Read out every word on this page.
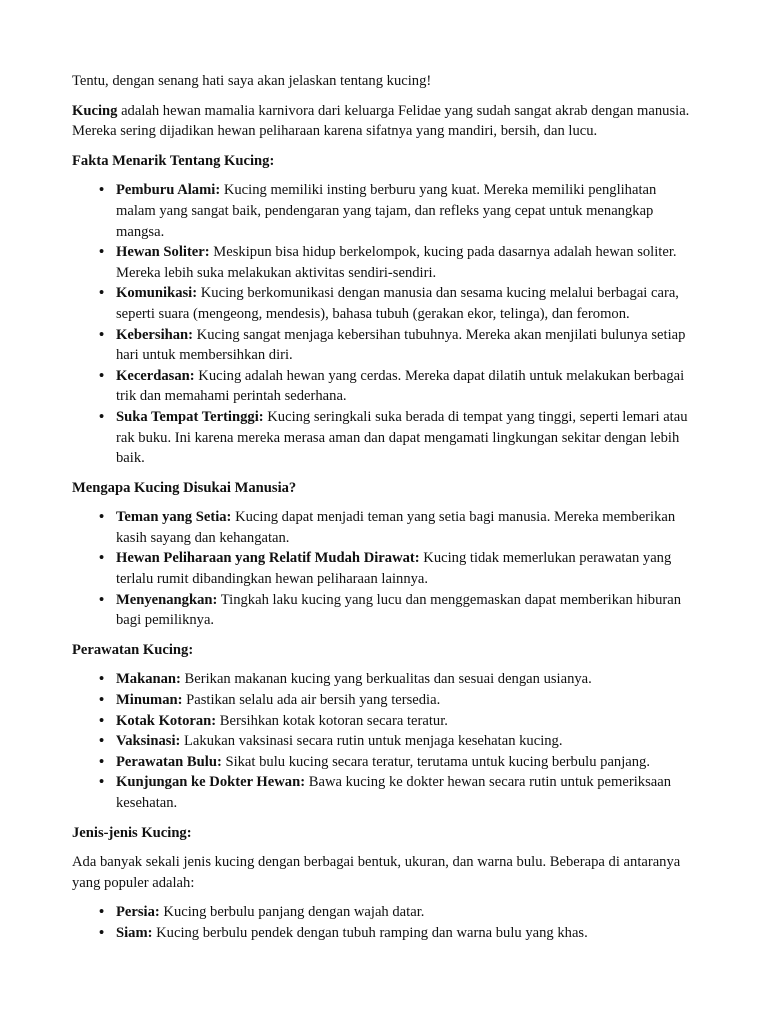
Tentu, dengan senang hati saya akan jelaskan tentang kucing!

Kucing adalah hewan mamalia karnivora dari keluarga Felidae yang sudah sangat akrab dengan manusia. Mereka sering dijadikan hewan peliharaan karena sifatnya yang mandiri, bersih, dan lucu.

Fakta Menarik Tentang Kucing:

• Pemburu Alami: Kucing memiliki insting berburu yang kuat. Mereka memiliki penglihatan malam yang sangat baik, pendengaran yang tajam, dan refleks yang cepat untuk menangkap mangsa.
• Hewan Soliter: Meskipun bisa hidup berkelompok, kucing pada dasarnya adalah hewan soliter. Mereka lebih suka melakukan aktivitas sendiri-sendiri.
• Komunikasi: Kucing berkomunikasi dengan manusia dan sesama kucing melalui berbagai cara, seperti suara (mengeong, mendesis), bahasa tubuh (gerakan ekor, telinga), dan feromon.
• Kebersihan: Kucing sangat menjaga kebersihan tubuhnya. Mereka akan menjilati bulunya setiap hari untuk membersihkan diri.
• Kecerdasan: Kucing adalah hewan yang cerdas. Mereka dapat dilatih untuk melakukan berbagai trik dan memahami perintah sederhana.
• Suka Tempat Tertinggi: Kucing seringkali suka berada di tempat yang tinggi, seperti lemari atau rak buku. Ini karena mereka merasa aman dan dapat mengamati lingkungan sekitar dengan lebih baik.

Mengapa Kucing Disukai Manusia?

• Teman yang Setia: Kucing dapat menjadi teman yang setia bagi manusia. Mereka memberikan kasih sayang dan kehangatan.
• Hewan Peliharaan yang Relatif Mudah Dirawat: Kucing tidak memerlukan perawatan yang terlalu rumit dibandingkan hewan peliharaan lainnya.
• Menyenangkan: Tingkah laku kucing yang lucu dan menggemaskan dapat memberikan hiburan bagi pemiliknya.

Perawatan Kucing:

• Makanan: Berikan makanan kucing yang berkualitas dan sesuai dengan usianya.
• Minuman: Pastikan selalu ada air bersih yang tersedia.
• Kotak Kotoran: Bersihkan kotak kotoran secara teratur.
• Vaksinasi: Lakukan vaksinasi secara rutin untuk menjaga kesehatan kucing.
• Perawatan Bulu: Sikat bulu kucing secara teratur, terutama untuk kucing berbulu panjang.
• Kunjungan ke Dokter Hewan: Bawa kucing ke dokter hewan secara rutin untuk pemeriksaan kesehatan.

Jenis-jenis Kucing:

Ada banyak sekali jenis kucing dengan berbagai bentuk, ukuran, dan warna bulu. Beberapa di antaranya yang populer adalah:

• Persia: Kucing berbulu panjang dengan wajah datar.
• Siam: Kucing berbulu pendek dengan tubuh ramping dan warna bulu yang khas.
